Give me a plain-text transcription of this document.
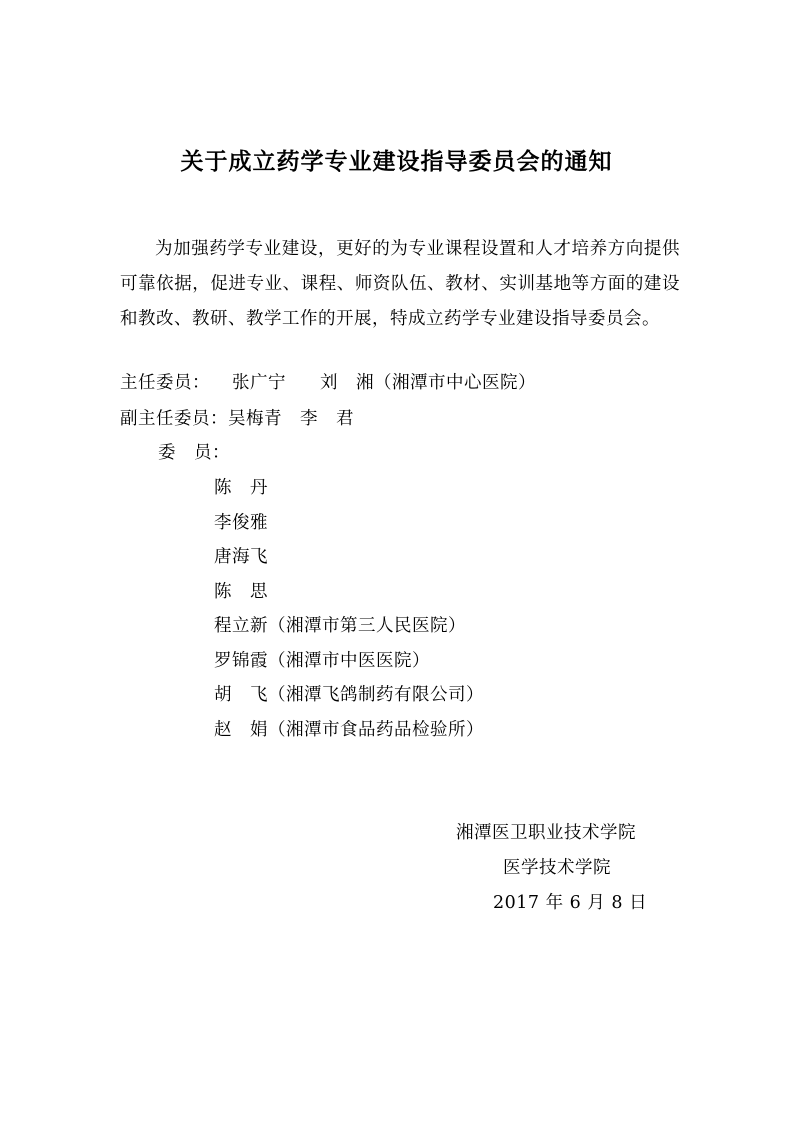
关于成立药学专业建设指导委员会的通知
为加强药学专业建设，更好的为专业课程设置和人才培养方向提供可靠依据，促进专业、课程、师资队伍、教材、实训基地等方面的建设和教改、教研、教学工作的开展，特成立药学专业建设指导委员会。
主任委员： 张广宁 刘　湘（湘潭市中心医院）
副主任委员：吴梅青 李　君
委　员：
陈　丹
李俊雅
唐海飞
陈　思
程立新（湘潭市第三人民医院）
罗锦霞（湘潭市中医医院）
胡　飞（湘潭飞鸽制药有限公司）
赵　娟（湘潭市食品药品检验所）
湘潭医卫职业技术学院
医学技术学院
2017 年 6 月 8 日
